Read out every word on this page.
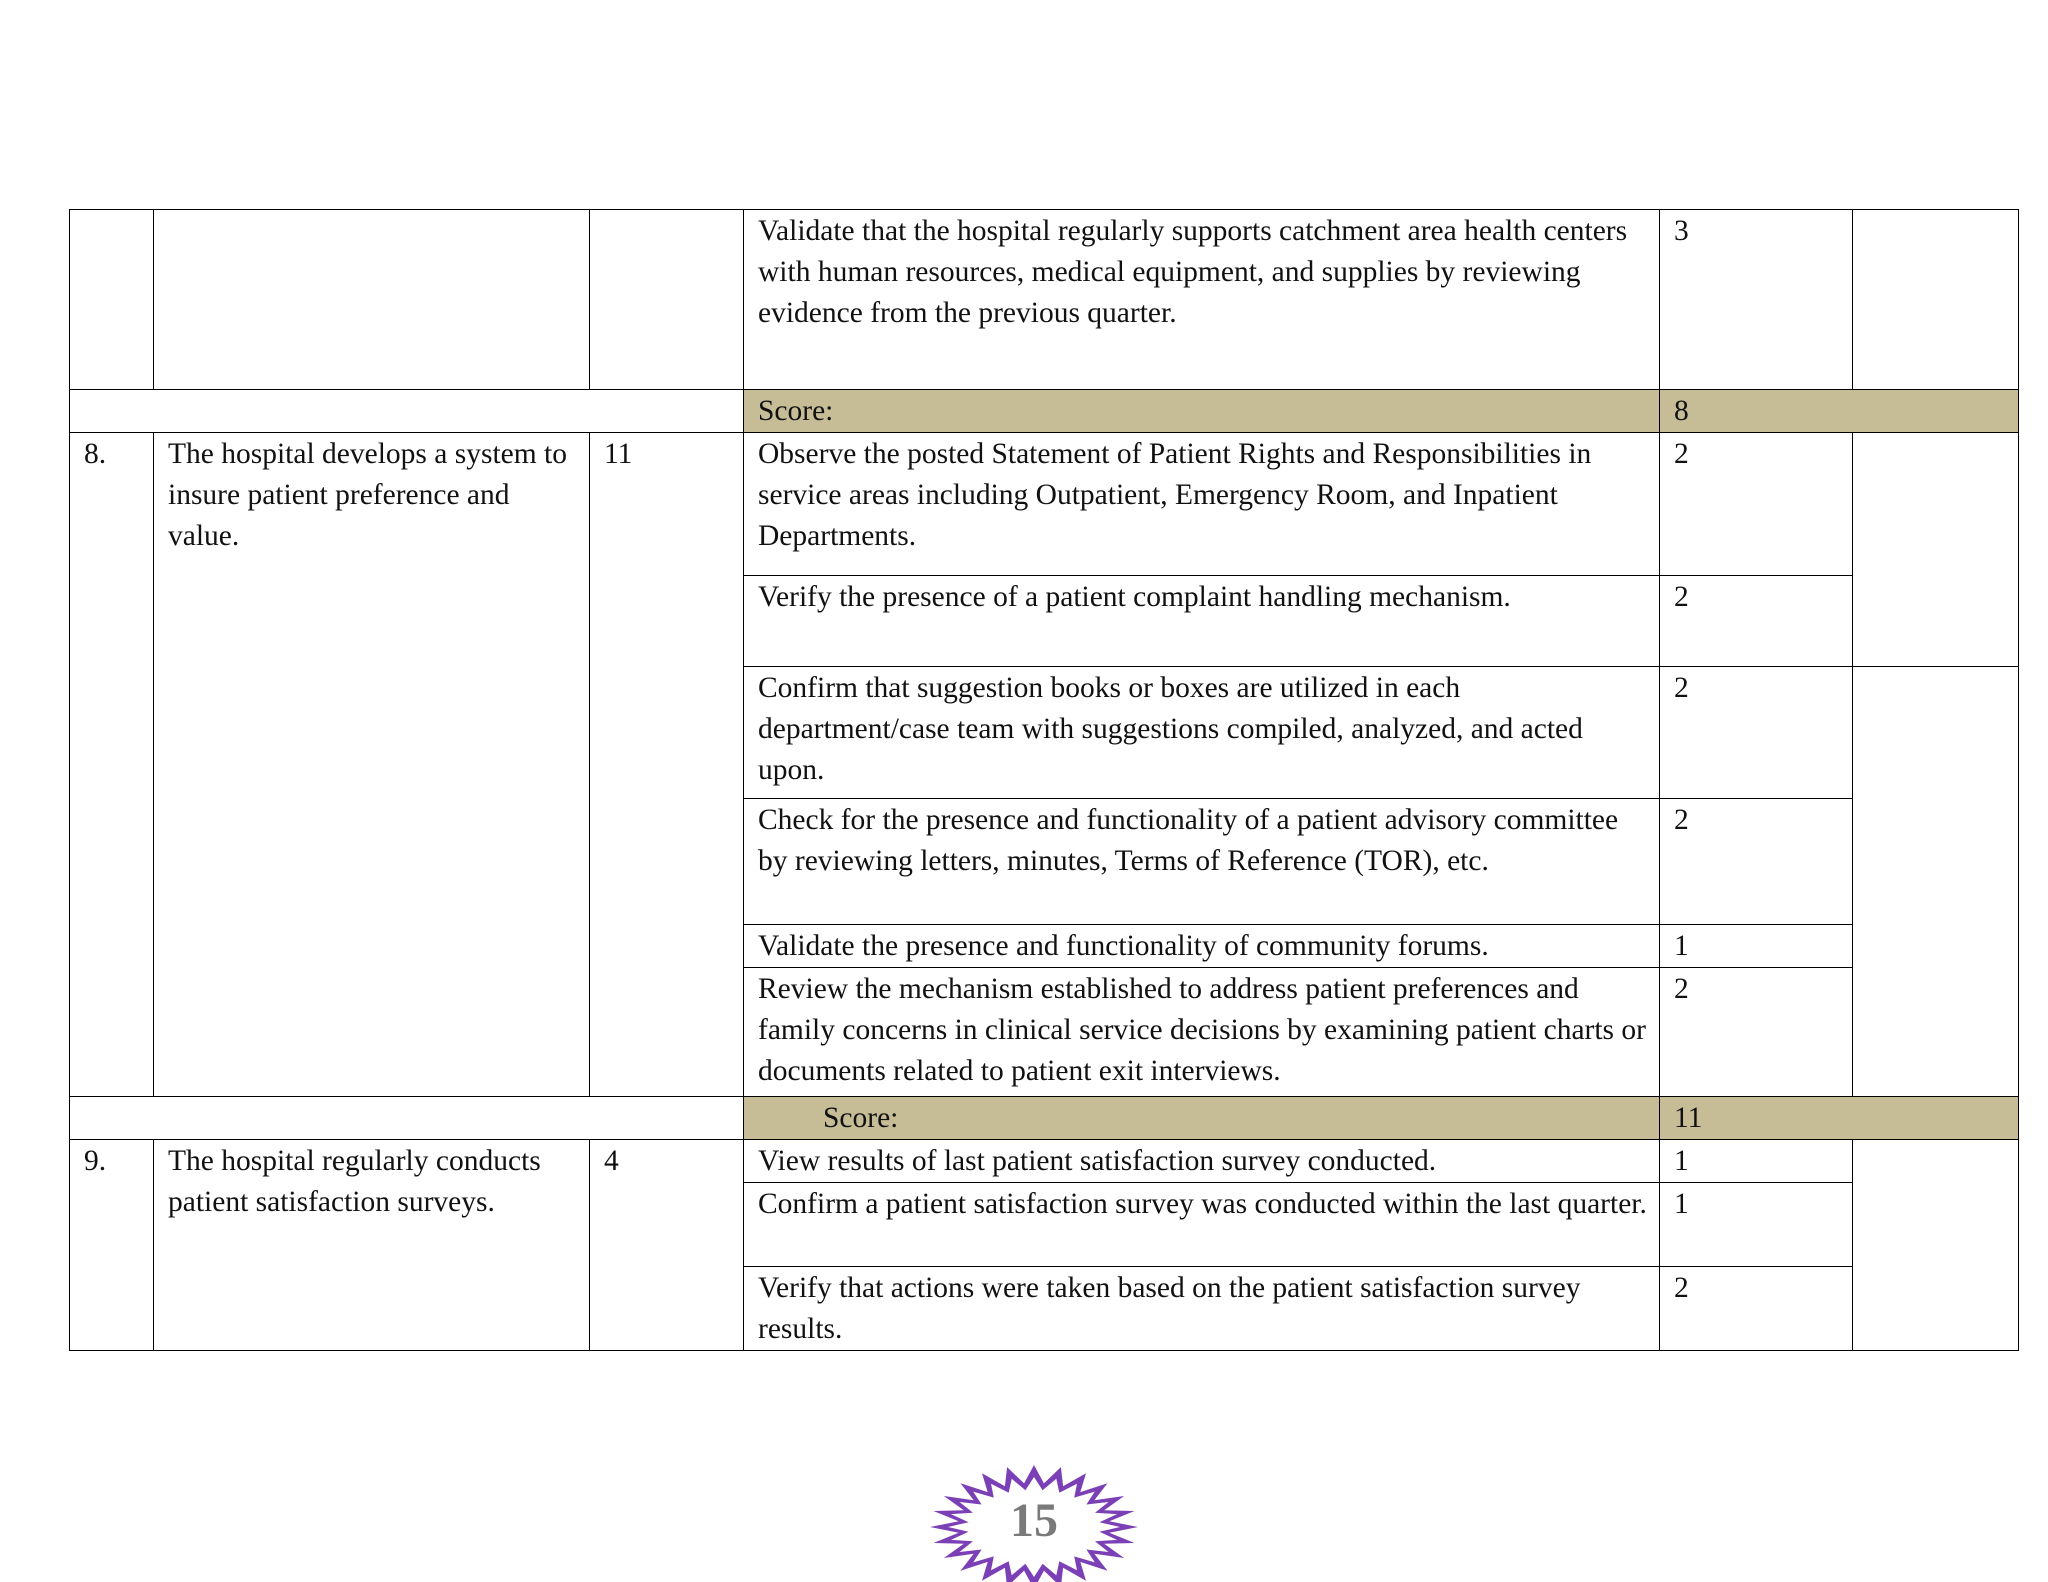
			Validate that the hospital regularly supports catchment area health centers with human resources, medical equipment, and supplies by reviewing evidence from the previous quarter.	3	
			Score:	8	
8.	The hospital develops a system to insure patient preference and value.	11	Observe the posted Statement of Patient Rights and Responsibilities in service areas including Outpatient, Emergency Room, and Inpatient Departments.	2	
			Verify the presence of a patient complaint handling mechanism.	2	
			Confirm that suggestion books or boxes are utilized in each department/case team with suggestions compiled, analyzed, and acted upon.	2	
			Check for the presence and functionality of a patient advisory committee by reviewing letters, minutes, Terms of Reference (TOR), etc.	2	
			Validate the presence and functionality of community forums.	1	
			Review the mechanism established to address patient preferences and family concerns in clinical service decisions by examining patient charts or documents related to patient exit interviews.	2	
			Score:	11	
9.	The hospital regularly conducts patient satisfaction surveys.	4	View results of last patient satisfaction survey conducted.	1	
			Confirm a patient satisfaction survey was conducted within the last quarter.	1	
			Verify that actions were taken based on the patient satisfaction survey results.	2	
15
